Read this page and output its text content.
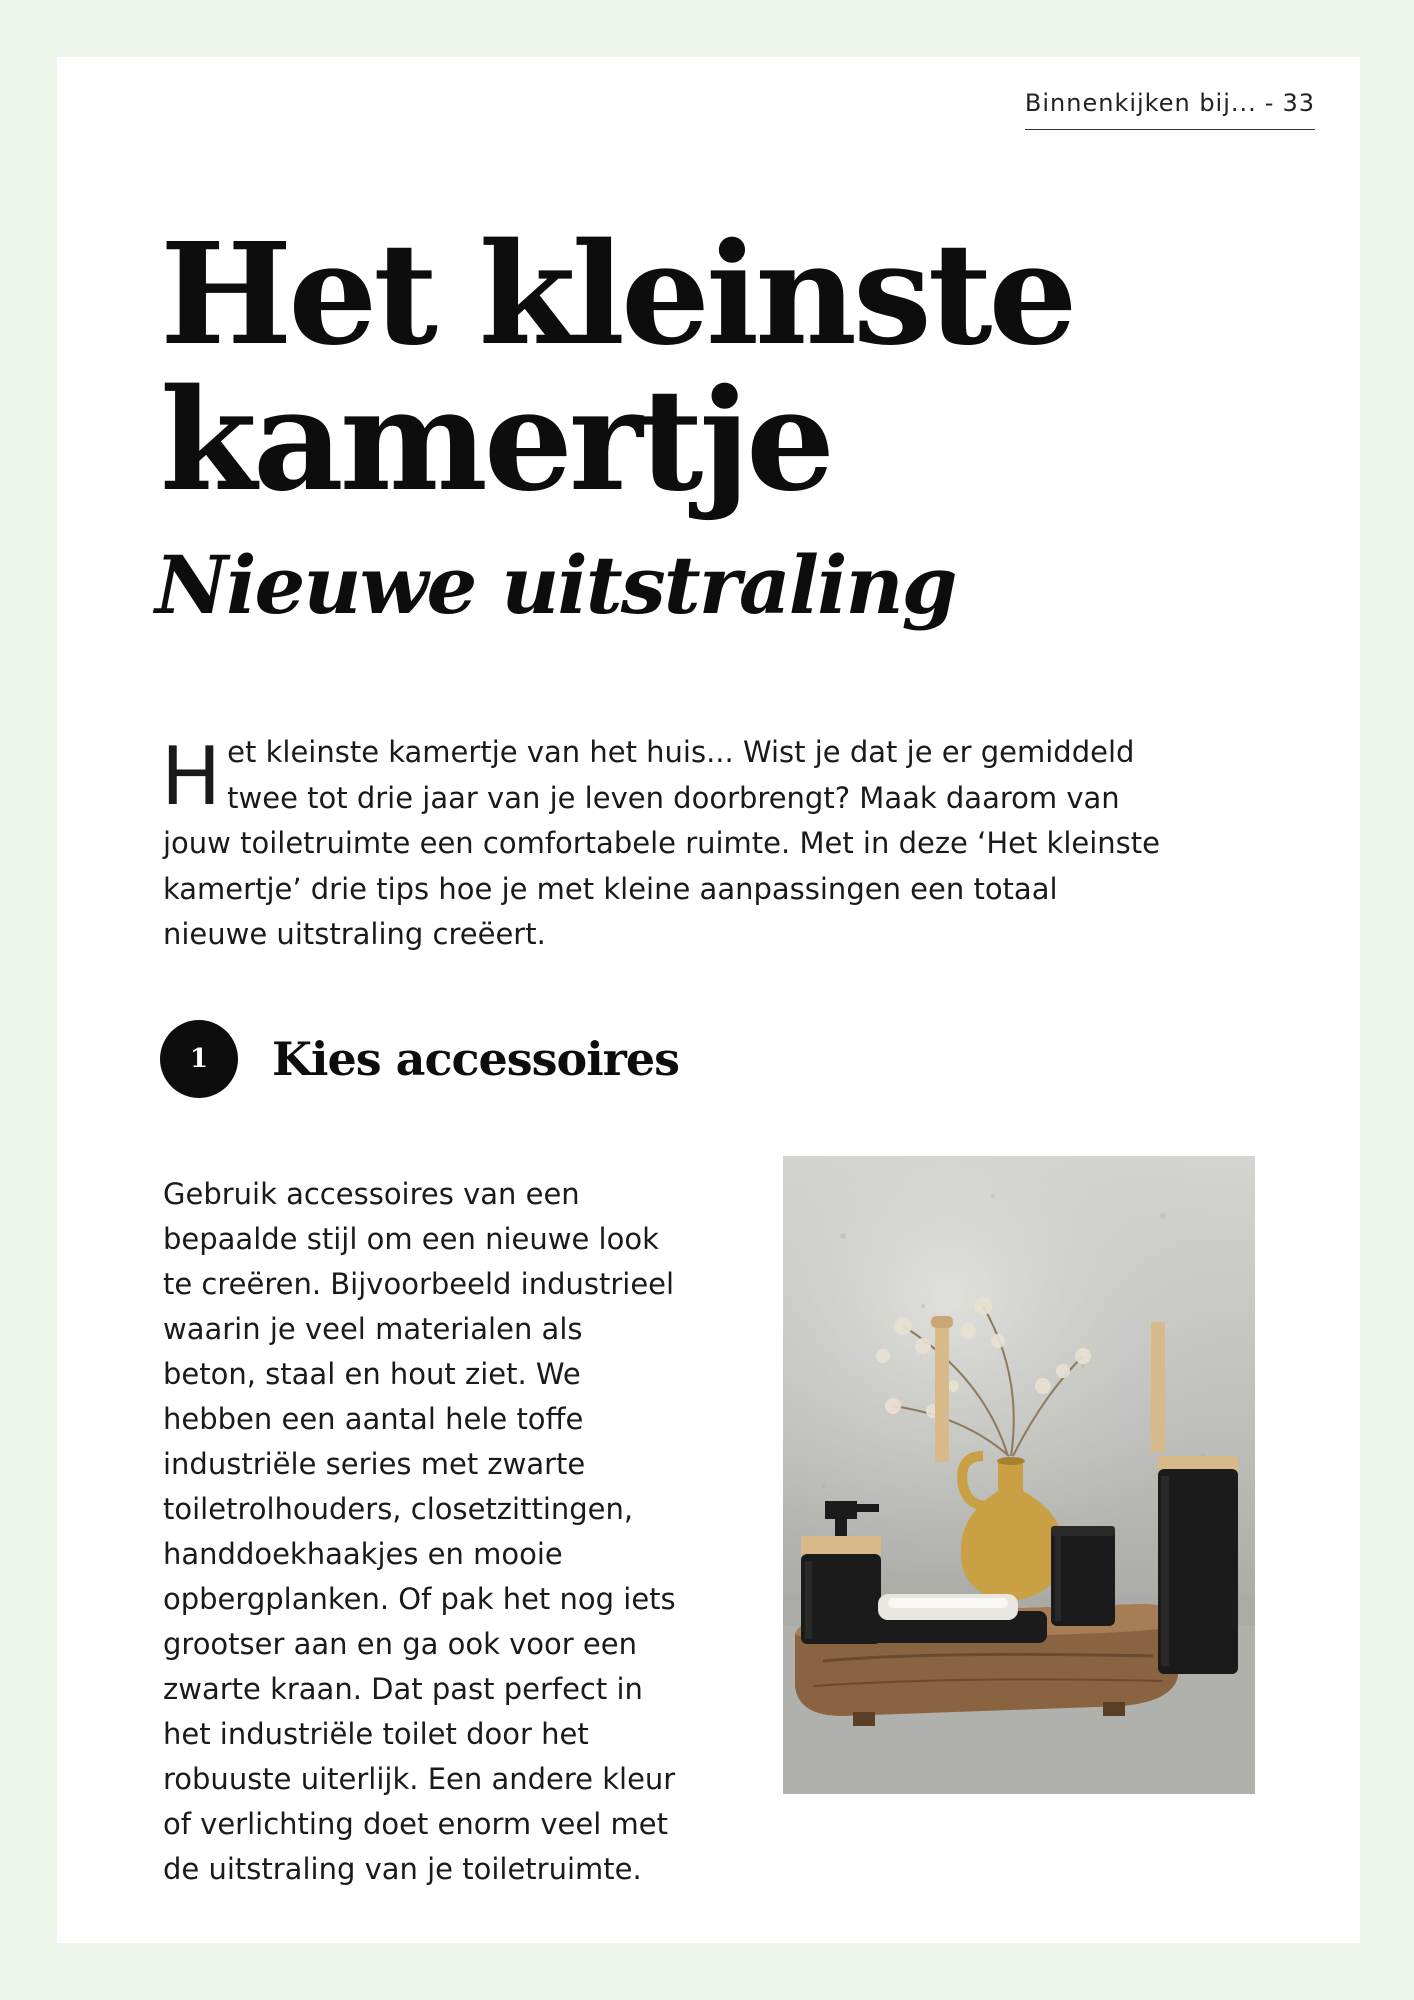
Binnenkijken bij... - 33
Het kleinste
kamertje
Nieuwe uitstraling

Het kleinste kamertje van het huis... Wist je dat je er gemiddeld twee tot drie jaar van je leven doorbrengt? Maak daarom van jouw toiletruimte een comfortabele ruimte. Met in deze ‘Het kleinste kamertje’ drie tips hoe je met kleine aanpassingen een totaal nieuwe uitstraling creëert.

1	Kies accessoires

Gebruik accessoires van een bepaalde stijl om een nieuwe look te creëren. Bijvoorbeeld industrieel waarin je veel materialen als beton, staal en hout ziet. We hebben een aantal hele toffe industriële series met zwarte toiletrolhouders, closetzittingen, handdoekhaakjes en mooie opbergplanken. Of pak het nog iets grootser aan en ga ook voor een zwarte kraan. Dat past perfect in het industriële toilet door het robuuste uiterlijk. Een andere kleur of verlichting doet enorm veel met de uitstraling van je toiletruimte.
